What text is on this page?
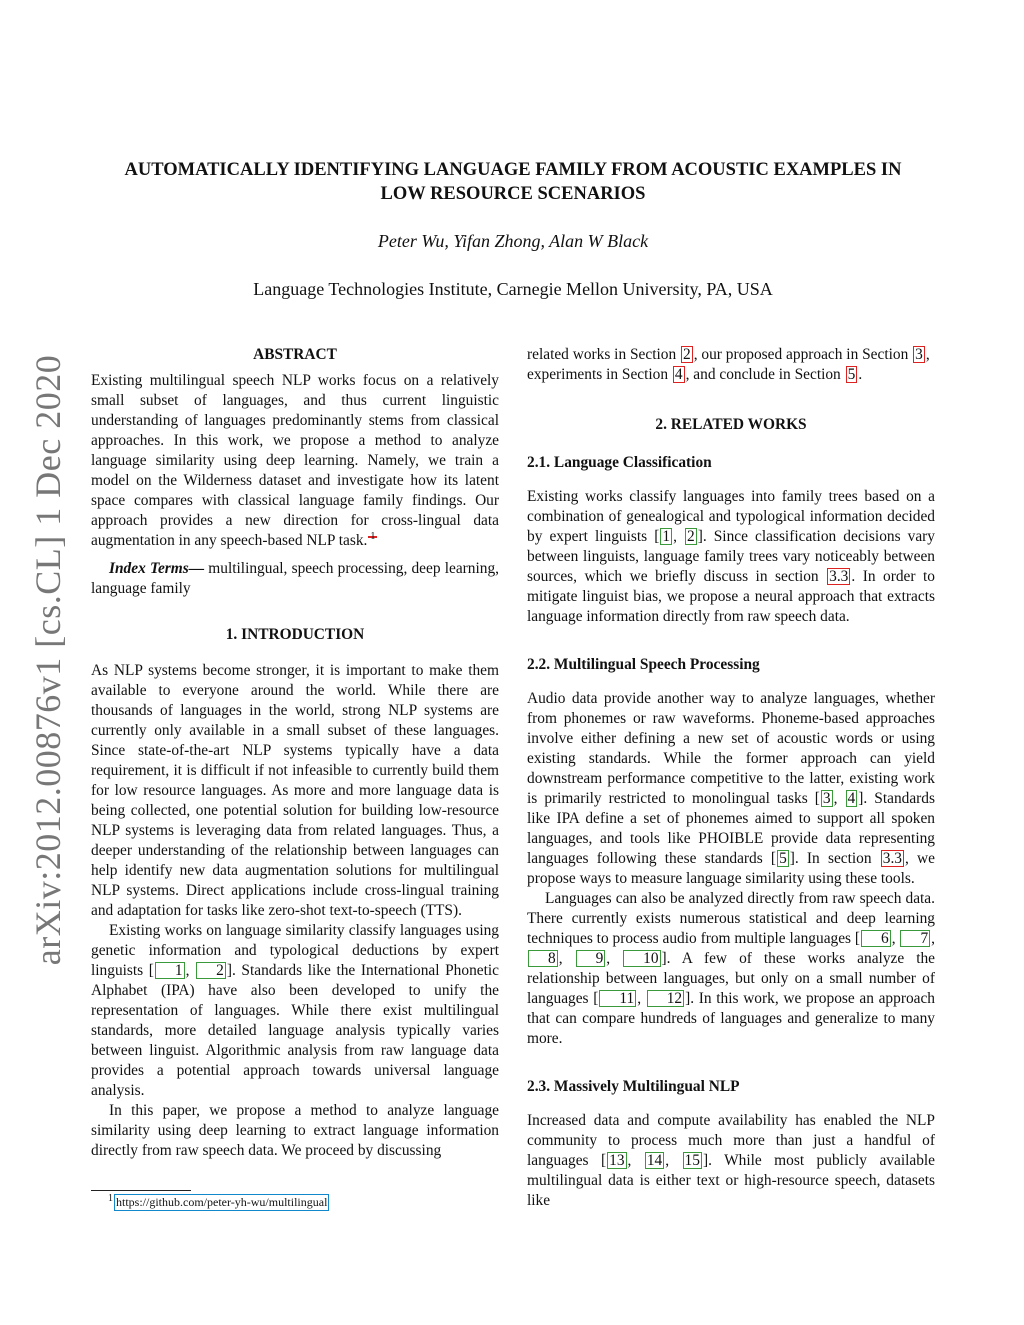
arXiv:2012.00876v1 [cs.CL] 1 Dec 2020
AUTOMATICALLY IDENTIFYING LANGUAGE FAMILY FROM ACOUSTIC EXAMPLES IN
LOW RESOURCE SCENARIOS
Peter Wu, Yifan Zhong, Alan W Black
Language Technologies Institute, Carnegie Mellon University, PA, USA
ABSTRACT

Existing multilingual speech NLP works focus on a relatively small subset of languages, and thus current linguistic understanding of languages predominantly stems from classical approaches. In this work, we propose a method to analyze language similarity using deep learning. Namely, we train a model on the Wilderness dataset and investigate how its latent space compares with classical language family findings. Our approach provides a new direction for cross-lingual data augmentation in any speech-based NLP task. 1

Index Terms— multilingual, speech processing, deep learning, language family

1. INTRODUCTION

As NLP systems become stronger, it is important to make them available to everyone around the world. While there are thousands of languages in the world, strong NLP systems are currently only available in a small subset of these languages. Since state-of-the-art NLP systems typically have a data requirement, it is difficult if not infeasible to currently build them for low resource languages. As more and more language data is being collected, one potential solution for building low-resource NLP systems is leveraging data from related languages. Thus, a deeper understanding of the relationship between languages can help identify new data augmentation solutions for multilingual NLP systems. Direct applications include cross-lingual training and adaptation for tasks like zero-shot text-to-speech (TTS).

Existing works on language similarity classify languages using genetic information and typological deductions by expert linguists [ 1 , 2 ]. Standards like the International Phonetic Alphabet (IPA) have also been developed to unify the representation of languages. While there exist multilingual standards, more detailed language analysis typically varies between linguist. Algorithmic analysis from raw language data provides a potential approach towards universal language analysis.

In this paper, we propose a method to analyze language similarity using deep learning to extract language information directly from raw speech data. We proceed by discussing

$^1$ https://github.com/peter-yh-wu/multilingual

related works in Section 2 , our proposed approach in Section 3 , experiments in Section 4 , and conclude in Section 5 .

2. RELATED WORKS
2.1. Language Classification

Existing works classify languages into family trees based on a combination of genealogical and typological information decided by expert linguists [ 1 , 2 ]. Since classification decisions vary between linguists, language family trees vary noticeably between sources, which we briefly discuss in section 3.3 . In order to mitigate linguist bias, we propose a neural approach that extracts language information directly from raw speech data.

2.2. Multilingual Speech Processing

Audio data provide another way to analyze languages, whether from phonemes or raw waveforms. Phoneme-based approaches involve either defining a new set of acoustic words or using existing standards. While the former approach can yield downstream performance competitive to the latter, existing work is primarily restricted to monolingual tasks [ 3 , 4 ]. Standards like IPA define a set of phonemes aimed to support all spoken languages, and tools like PHOIBLE provide data representing languages following these standards [ 5 ]. In section 3.3 , we propose ways to measure language similarity using these tools.

Languages can also be analyzed directly from raw speech data. There currently exists numerous statistical and deep learning techniques to process audio from multiple languages [ 6 , 7 , 8 , 9 , 10 ]. A few of these works analyze the relationship between languages, but only on a small number of languages [ 11 , 12 ]. In this work, we propose an approach that can compare hundreds of languages and generalize to many more.

2.3. Massively Multilingual NLP

Increased data and compute availability has enabled the NLP community to process much more than just a handful of languages [ 13 , 14 , 15 ]. While most publicly available multilingual data is either text or high-resource speech, datasets like
